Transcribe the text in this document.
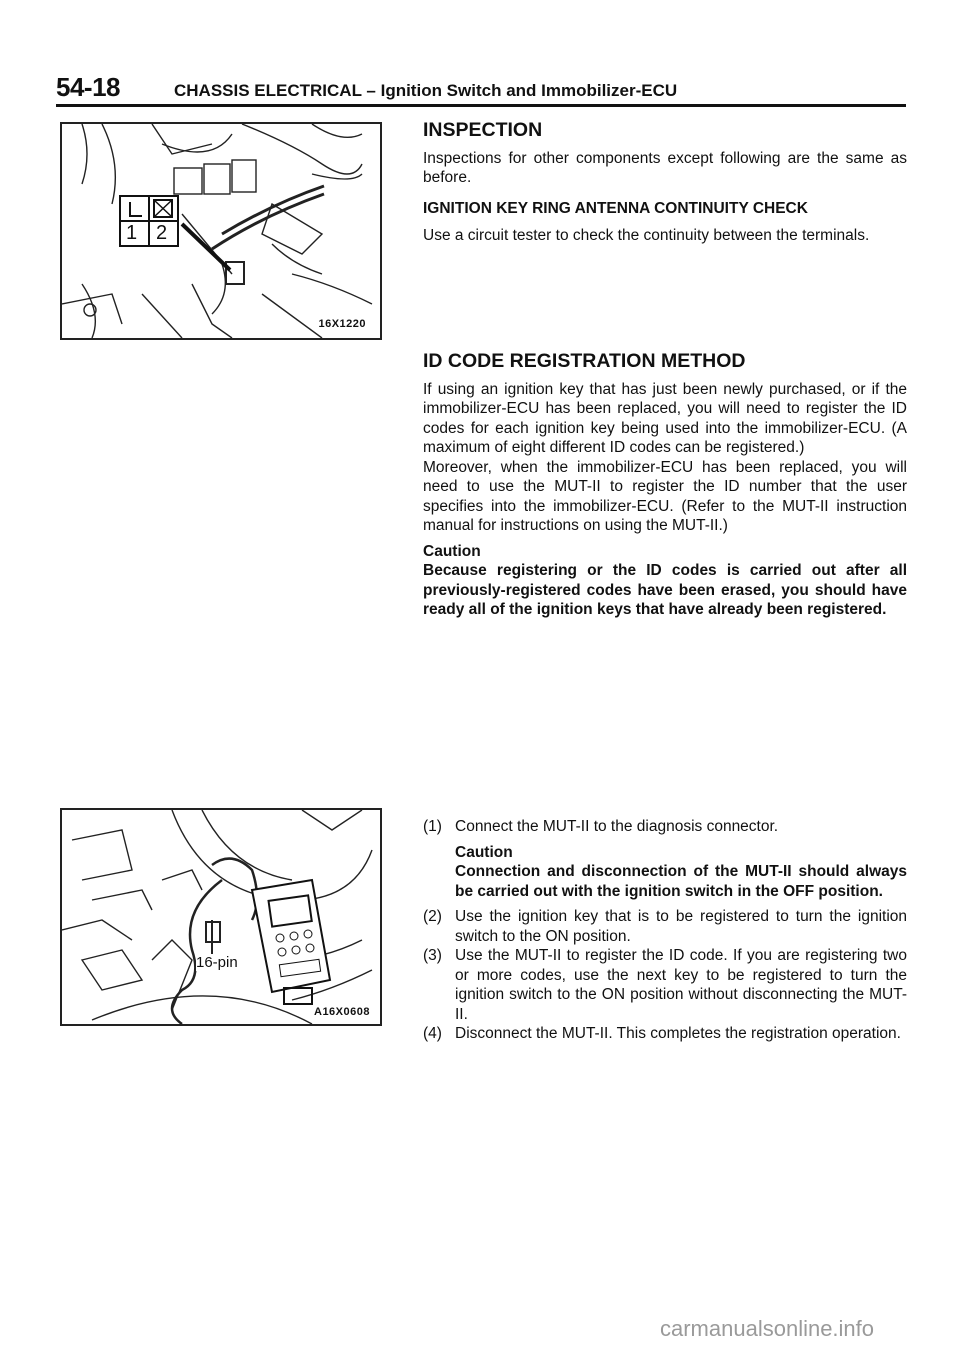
54-18	CHASSIS ELECTRICAL – Ignition Switch and Immobilizer-ECU
1 2
16X1220
16-pin
A16X0608
INSPECTION

Inspections for other components except following are the same as before.

IGNITION KEY RING ANTENNA CONTINUITY CHECK

Use a circuit tester to check the continuity between the terminals.

ID CODE REGISTRATION METHOD

If using an ignition key that has just been newly purchased, or if the immobilizer-ECU has been replaced, you will need to register the ID codes for each ignition key being used into the immobilizer-ECU. (A maximum of eight different ID codes can be registered.)

Moreover, when the immobilizer-ECU has been replaced, you will need to use the MUT-II to register the ID number that the user specifies into the immobilizer-ECU. (Refer to the MUT-II instruction manual for instructions on using the MUT-II.)

Caution

Because registering or the ID codes is carried out after all previously-registered codes have been erased, you should have ready all of the ignition keys that have already been registered.

(1) Connect the MUT-II to the diagnosis connector.

Caution

Connection and disconnection of the MUT-II should always be carried out with the ignition switch in the OFF position.

(2) Use the ignition key that is to be registered to turn the ignition switch to the ON position.
(3) Use the MUT-II to register the ID code. If you are registering two or more codes, use the next key to be registered to turn the ignition switch to the ON position without disconnecting the MUT-II.
(4) Disconnect the MUT-II. This completes the registration operation.
carmanualsonline.info
